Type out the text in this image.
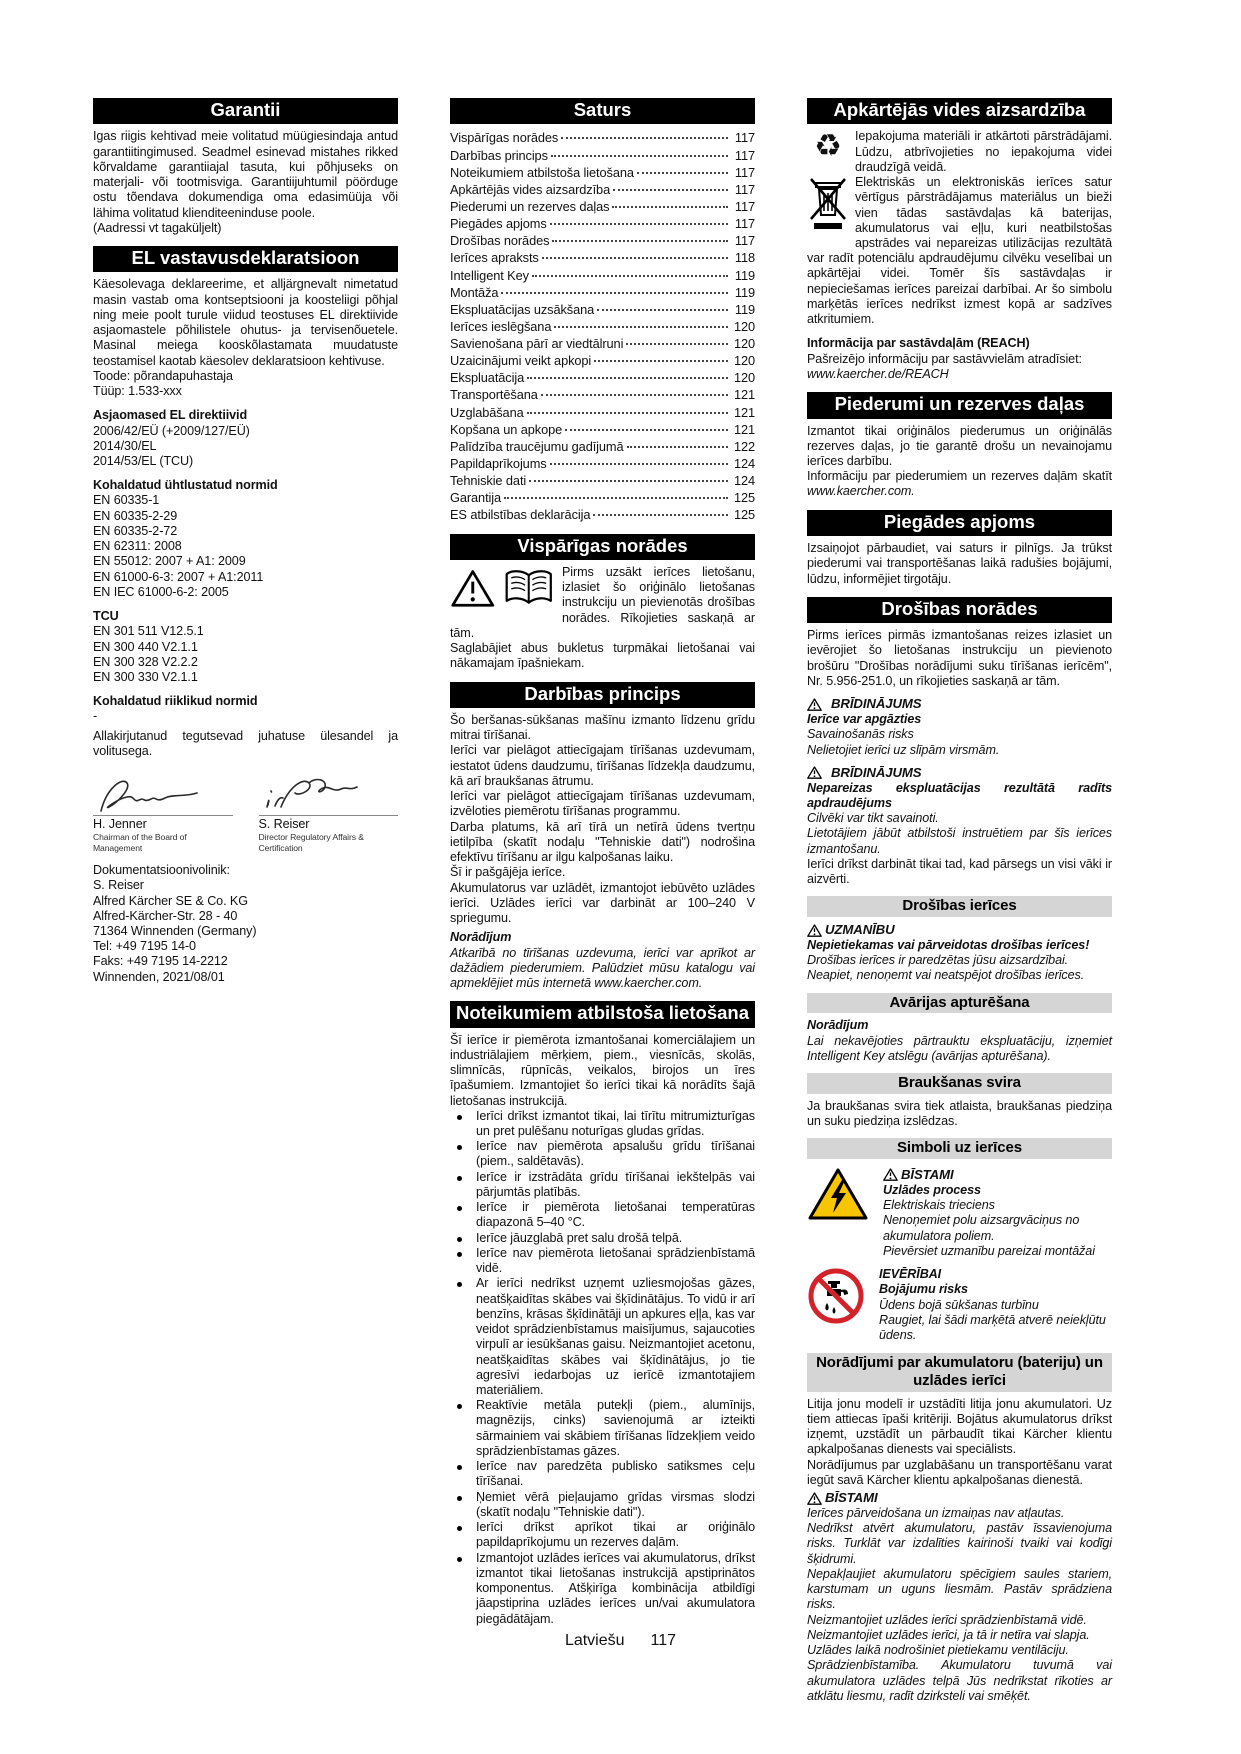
Garantii

Igas riigis kehtivad meie volitatud müügiesindaja antud garantiitingimused. Seadmel esinevad mistahes rikked kõrvaldame garantiiajal tasuta, kui põhjuseks on materjali- või tootmisviga. Garantiijuhtumil pöörduge ostu tõendava dokumendiga oma edasimüüja või lähima volitatud klienditeeninduse poole.

(Aadressi vt tagaküljelt)

EL vastavusdeklaratsioon

Käesolevaga deklareerime, et alljärgnevalt nimetatud masin vastab oma kontseptsiooni ja koosteliigi põhjal ning meie poolt turule viidud teostuses EL direktiivide asjaomastele põhilistele ohutus- ja tervisenõuetele. Masinal meiega kooskõlastamata muudatuste teostamisel kaotab käesolev deklaratsioon kehtivuse.

Toode: põrandapuhastaja

Tüüp: 1.533-xxx

Asjaomased EL direktiivid

2006/42/EÜ (+2009/127/EÜ)

2014/30/EL

2014/53/EL (TCU)

Kohaldatud ühtlustatud normid

EN 60335-1

EN 60335-2-29

EN 60335-2-72

EN 62311: 2008

EN 55012: 2007 + A1: 2009

EN 61000-6-3: 2007 + A1:2011

EN IEC 61000-6-2: 2005

TCU

EN 301 511 V12.5.1

EN 300 440 V2.1.1

EN 300 328 V2.2.2

EN 300 330 V2.1.1

Kohaldatud riiklikud normid

-

Allakirjutanud tegutsevad juhatuse ülesandel ja volitusega.

H. Jenner
Chairman of the Board of Management
S. Reiser
Director Regulatory Affairs & Certification

Dokumentatsioonivolinik:

S. Reiser

Alfred Kärcher SE & Co. KG

Alfred-Kärcher-Str. 28 - 40

71364 Winnenden (Germany)

Tel: +49 7195 14-0

Faks: +49 7195 14-2212

Winnenden, 2021/08/01

Saturs
Vispārīgas norādes	117
Darbības princips	117
Noteikumiem atbilstoša lietošana	117
Apkārtējās vides aizsardzība	117
Piederumi un rezerves daļas	117
Piegādes apjoms	117
Drošības norādes	117
Ierīces apraksts	118
Intelligent Key	119
Montāža	119
Ekspluatācijas uzsākšana	119
Ierīces ieslēgšana	120
Savienošana pārī ar viedtālruni	120
Uzaicinājumi veikt apkopi	120
Ekspluatācija	120
Transportēšana	121
Uzglabāšana	121
Kopšana un apkope	121
Palīdzība traucējumu gadījumā	122
Papildaprīkojums	124
Tehniskie dati	124
Garantija	125
ES atbilstības deklarācija	125
Vispārīgas norādes

Pirms uzsākt ierīces lietošanu, izlasiet šo oriģinālo lietošanas instrukciju un pievienotās drošības norādes. Rīkojieties saskaņā ar tām.

Saglabājiet abus bukletus turpmākai lietošanai vai nākamajam īpašniekam.

Darbības princips

Šo beršanas-sūkšanas mašīnu izmanto līdzenu grīdu mitrai tīrīšanai.

Ierīci var pielāgot attiecīgajam tīrīšanas uzdevumam, iestatot ūdens daudzumu, tīrīšanas līdzekļa daudzumu, kā arī braukšanas ātrumu.

Ierīci var pielāgot attiecīgajam tīrīšanas uzdevumam, izvēloties piemērotu tīrīšanas programmu.

Darba platums, kā arī tīrā un netīrā ūdens tvertņu ietilpība (skatīt nodaļu "Tehniskie dati") nodrošina efektīvu tīrīšanu ar ilgu kalpošanas laiku.

Šī ir pašgājēja ierīce.

Akumulatorus var uzlādēt, izmantojot iebūvēto uzlādes ierīci. Uzlādes ierīci var darbināt ar 100–240 V spriegumu.

Norādījum

Atkarībā no tīrīšanas uzdevuma, ierīci var aprīkot ar dažādiem piederumiem. Palūdziet mūsu katalogu vai apmeklējiet mūs internetā www.kaercher.com.

Noteikumiem atbilstoša lietošana

Šī ierīce ir piemērota izmantošanai komerciālajiem un industriālajiem mērķiem, piem., viesnīcās, skolās, slimnīcās, rūpnīcās, veikalos, birojos un īres īpašumiem. Izmantojiet šo ierīci tikai kā norādīts šajā lietošanas instrukcijā.

Ierīci drīkst izmantot tikai, lai tīrītu mitrumizturīgas un pret pulēšanu noturīgas gludas grīdas.
Ierīce nav piemērota apsalušu grīdu tīrīšanai (piem., saldētavās).
Ierīce ir izstrādāta grīdu tīrīšanai iekštelpās vai pārjumtās platībās.
Ierīce ir piemērota lietošanai temperatūras diapazonā 5–40 °C.
Ierīce jāuzglabā pret salu drošā telpā.
Ierīce nav piemērota lietošanai sprādzienbīstamā vidē.
Ar ierīci nedrīkst uzņemt uzliesmojošas gāzes, neatšķaidītas skābes vai šķīdinātājus. To vidū ir arī benzīns, krāsas šķīdinātāji un apkures eļļa, kas var veidot sprādzienbīstamus maisījumus, sajaucoties virpulī ar iesūkšanas gaisu. Neizmantojiet acetonu, neatšķaidītas skābes vai šķīdinātājus, jo tie agresīvi iedarbojas uz ierīcē izmantotajiem materiāliem.
Reaktīvie metāla putekļi (piem., alumīnijs, magnēzijs, cinks) savienojumā ar izteikti sārmainiem vai skābiem tīrīšanas līdzekļiem veido sprādzienbīstamas gāzes.
Ierīce nav paredzēta publisko satiksmes ceļu tīrīšanai.
Ņemiet vērā pieļaujamo grīdas virsmas slodzi (skatīt nodaļu "Tehniskie dati").
Ierīci drīkst aprīkot tikai ar oriģinālo papildaprīkojumu un rezerves daļām.
Izmantojot uzlādes ierīces vai akumulatorus, drīkst izmantot tikai lietošanas instrukcijā apstiprinātos komponentus. Atšķirīga kombinācija atbildīgi jāapstiprina uzlādes ierīces un/vai akumulatora piegādātājam.
Apkārtējās vides aizsardzība
♻	Iepakojuma materiāli ir atkārtoti pārstrādājami. Lūdzu, atbrīvojieties no iepakojuma videi draudzīgā veidā.

Elektriskās un elektroniskās ierīces satur vērtīgus pārstrādājamus materiālus un bieži vien tādas sastāvdaļas kā baterijas, akumulatorus vai eļļu, kuri neatbilstošas apstrādes vai nepareizas utilizācijas rezultātā var radīt potenciālu apdraudējumu cilvēku veselībai un apkārtējai videi. Tomēr šīs sastāvdaļas ir nepieciešamas ierīces pareizai darbībai. Ar šo simbolu marķētās ierīces nedrīkst izmest kopā ar sadzīves atkritumiem.

Informācija par sastāvdaļām (REACH)

Pašreizējo informāciju par sastāvvielām atradīsiet:

www.kaercher.de/REACH

Piederumi un rezerves daļas

Izmantot tikai oriģinālos piederumus un oriģinālās rezerves daļas, jo tie garantē drošu un nevainojamu ierīces darbību.

Informāciju par piederumiem un rezerves daļām skatīt www.kaercher.com.

Piegādes apjoms

Izsaiņojot pārbaudiet, vai saturs ir pilnīgs. Ja trūkst piederumi vai transportēšanas laikā radušies bojājumi, lūdzu, informējiet tirgotāju.

Drošības norādes

Pirms ierīces pirmās izmantošanas reizes izlasiet un ievērojiet šo lietošanas instrukciju un pievienoto brošūru "Drošības norādījumi suku tīrīšanas ierīcēm", Nr. 5.956-251.0, un rīkojieties saskaņā ar tām.

BRĪDINĀJUMS

Ierīce var apgāzties

Savainošanās risks

Nelietojiet ierīci uz slīpām virsmām.

BRĪDINĀJUMS

Nepareizas ekspluatācijas rezultātā radīts apdraudējums

Cilvēki var tikt savainoti.

Lietotājiem jābūt atbilstoši instruētiem par šīs ierīces izmantošanu.

Ierīci drīkst darbināt tikai tad, kad pārsegs un visi vāki ir aizvērti.

Drošības ierīces
UZMANĪBU

Nepietiekamas vai pārveidotas drošības ierīces!

Drošības ierīces ir paredzētas jūsu aizsardzībai.

Neapiet, nenoņemt vai neatspējot drošības ierīces.

Avārijas apturēšana

Norādījum

Lai nekavējoties pārtrauktu ekspluatāciju, izņemiet Intelligent Key atslēgu (avārijas apturēšana).

Braukšanas svira

Ja braukšanas svira tiek atlaista, braukšanas piedziņa un suku piedziņa izslēdzas.

Simboli uz ierīces
BĪSTAMI

Uzlādes process

Elektriskais trieciens

Nenoņemiet polu aizsargvāciņus no akumulatora poliem.

Pievērsiet uzmanību pareizai montāžai

IEVĒRĪBAI

Bojājumu risks

Ūdens bojā sūkšanas turbīnu

Raugiet, lai šādi marķētā atverē neiekļūtu ūdens.

Norādījumi par akumulatoru (bateriju) un uzlādes ierīci

Litija jonu modelī ir uzstādīti litija jonu akumulatori. Uz tiem attiecas īpaši kritēriji. Bojātus akumulatorus drīkst izņemt, uzstādīt un pārbaudīt tikai Kärcher klientu apkalpošanas dienests vai speciālists.

Norādījumus par uzglabāšanu un transportēšanu varat iegūt savā Kärcher klientu apkalpošanas dienestā.

BĪSTAMI

Ierīces pārveidošana un izmaiņas nav atļautas.

Nedrīkst atvērt akumulatoru, pastāv īssavienojuma risks. Turklāt var izdalīties kairinoši tvaiki vai kodīgi šķidrumi.

Nepakļaujiet akumulatoru spēcīgiem saules stariem, karstumam un uguns liesmām. Pastāv sprādziena risks.

Neizmantojiet uzlādes ierīci sprādzienbīstamā vidē.

Neizmantojiet uzlādes ierīci, ja tā ir netīra vai slapja.

Uzlādes laikā nodrošiniet pietiekamu ventilāciju.

Sprādzienbīstamība. Akumulatoru tuvumā vai akumulatora uzlādes telpā Jūs nedrīkstat rīkoties ar atklātu liesmu, radīt dzirksteli vai smēķēt.

Latviešu 117
